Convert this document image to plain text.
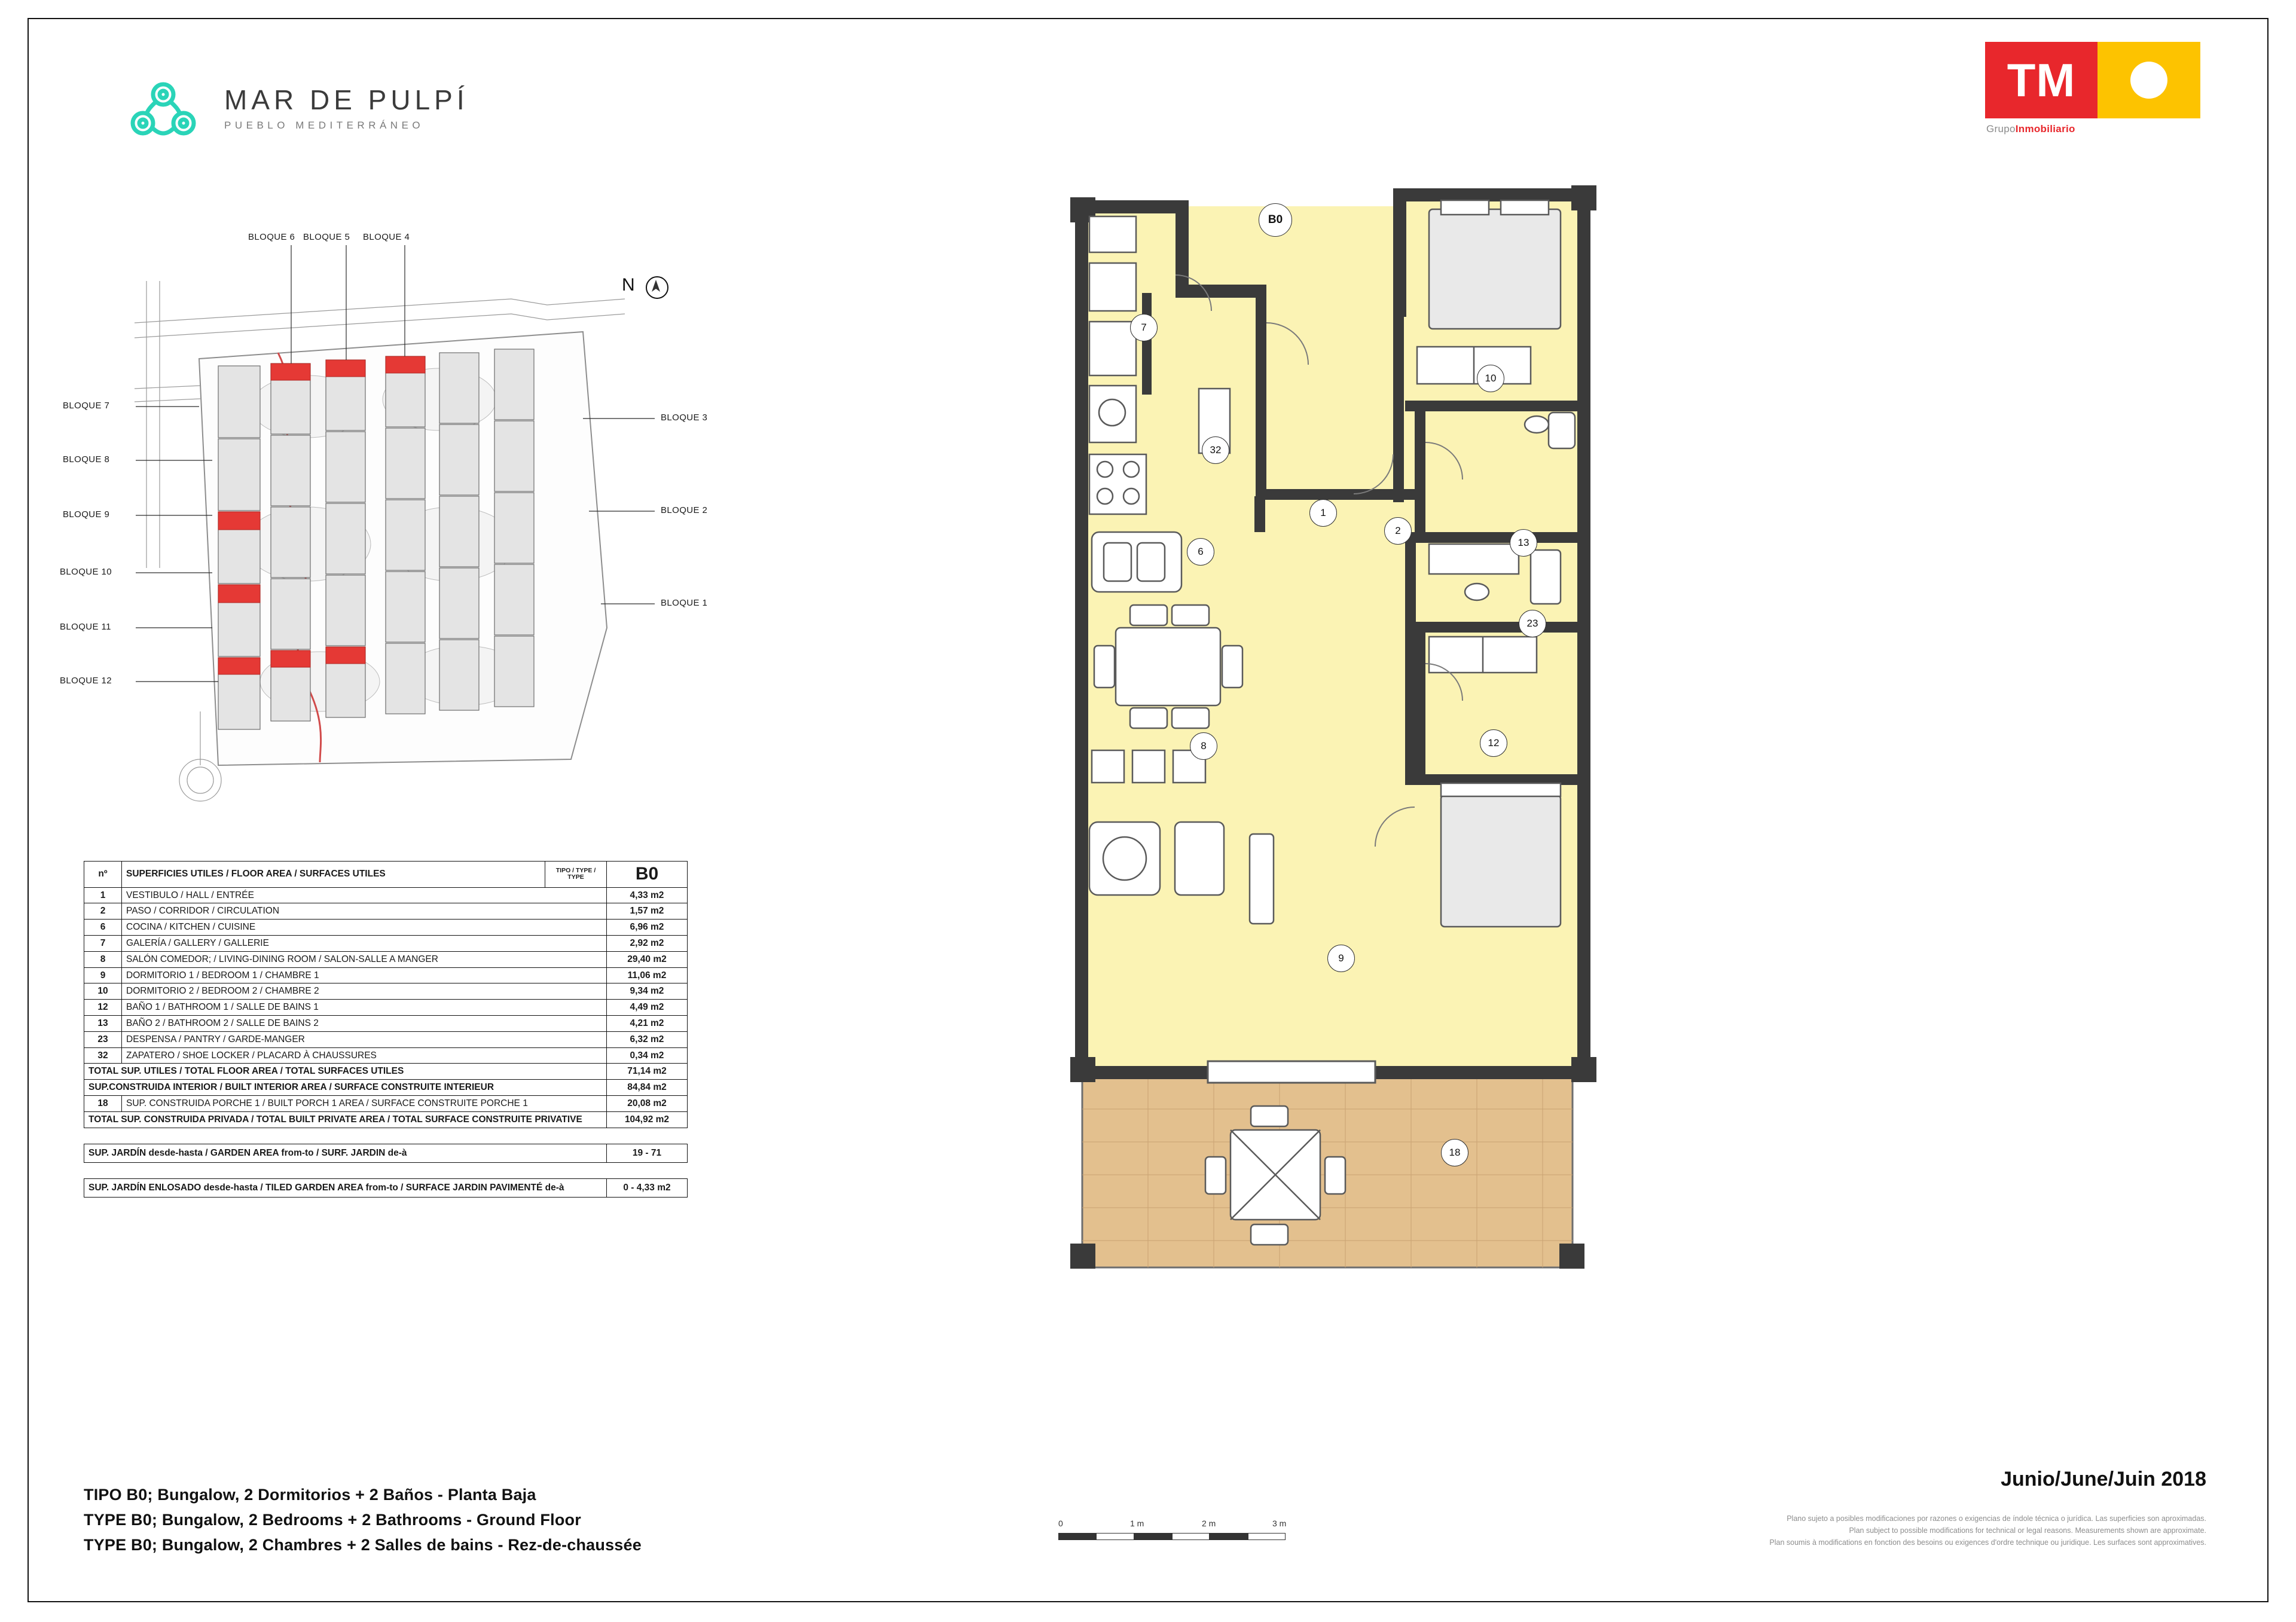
MAR DE PULPÍ
PUEBLO MEDITERRÁNEO
TM
GrupoInmobiliario
BLOQUE 6 BLOQUE 5 BLOQUE 4
BLOQUE 7
BLOQUE 8
BLOQUE 9
BLOQUE 10
BLOQUE 11
BLOQUE 12
BLOQUE 3
BLOQUE 2
BLOQUE 1
N
nº	SUPERFICIES UTILES / FLOOR AREA / SURFACES UTILES	TIPO / TYPE / TYPE	B0
1	VESTIBULO / HALL / ENTRÉE		4,33 m2
2	PASO / CORRIDOR / CIRCULATION		1,57 m2
6	COCINA / KITCHEN / CUISINE		6,96 m2
7	GALERÍA / GALLERY / GALLERIE		2,92 m2
8	SALÓN COMEDOR; / LIVING-DINING ROOM / SALON-SALLE A MANGER		29,40 m2
9	DORMITORIO 1 / BEDROOM 1 / CHAMBRE 1		11,06 m2
10	DORMITORIO 2 / BEDROOM 2 / CHAMBRE 2		9,34 m2
12	BAÑO 1 / BATHROOM 1 / SALLE DE BAINS 1		4,49 m2
13	BAÑO 2 / BATHROOM 2 / SALLE DE BAINS 2		4,21 m2
23	DESPENSA / PANTRY / GARDE-MANGER		6,32 m2
32	ZAPATERO / SHOE LOCKER / PLACARD À CHAUSSURES		0,34 m2
TOTAL SUP. UTILES / TOTAL FLOOR AREA / TOTAL SURFACES UTILES			71,14 m2
SUP.CONSTRUIDA INTERIOR / BUILT INTERIOR AREA / SURFACE CONSTRUITE INTERIEUR			84,84 m2
18	SUP. CONSTRUIDA PORCHE 1 / BUILT PORCH 1 AREA / SURFACE CONSTRUITE PORCHE 1		20,08 m2
TOTAL SUP. CONSTRUIDA PRIVADA / TOTAL BUILT PRIVATE AREA / TOTAL SURFACE CONSTRUITE PRIVATIVE			104,92 m2
SUP. JARDÍN desde-hasta / GARDEN AREA from-to / SURF. JARDIN de-à	19 - 71
SUP. JARDÍN ENLOSADO desde-hasta / TILED GARDEN AREA from-to / SURFACE JARDIN PAVIMENTÉ de-à	0 - 4,33 m2
TIPO B0; Bungalow, 2 Dormitorios + 2 Baños - Planta Baja
TYPE B0; Bungalow, 2 Bedrooms + 2 Bathrooms - Ground Floor
TYPE B0; Bungalow, 2 Chambres + 2 Salles de bains - Rez-de-chaussée
Junio/June/Juin 2018
Plano sujeto a posibles modificaciones por razones o exigencias de índole técnica o jurídica. Las superficies son aproximadas.
Plan subject to possible modifications for technical or legal reasons. Measurements shown are approximate.
Plan soumis à modifications en fonction des besoins ou exigences d'ordre technique ou juridique. Les surfaces sont approximatives.
0	1 m	2 m	3 m
B0
7
32
1
6
2
10
13
23
12
8
9
18
